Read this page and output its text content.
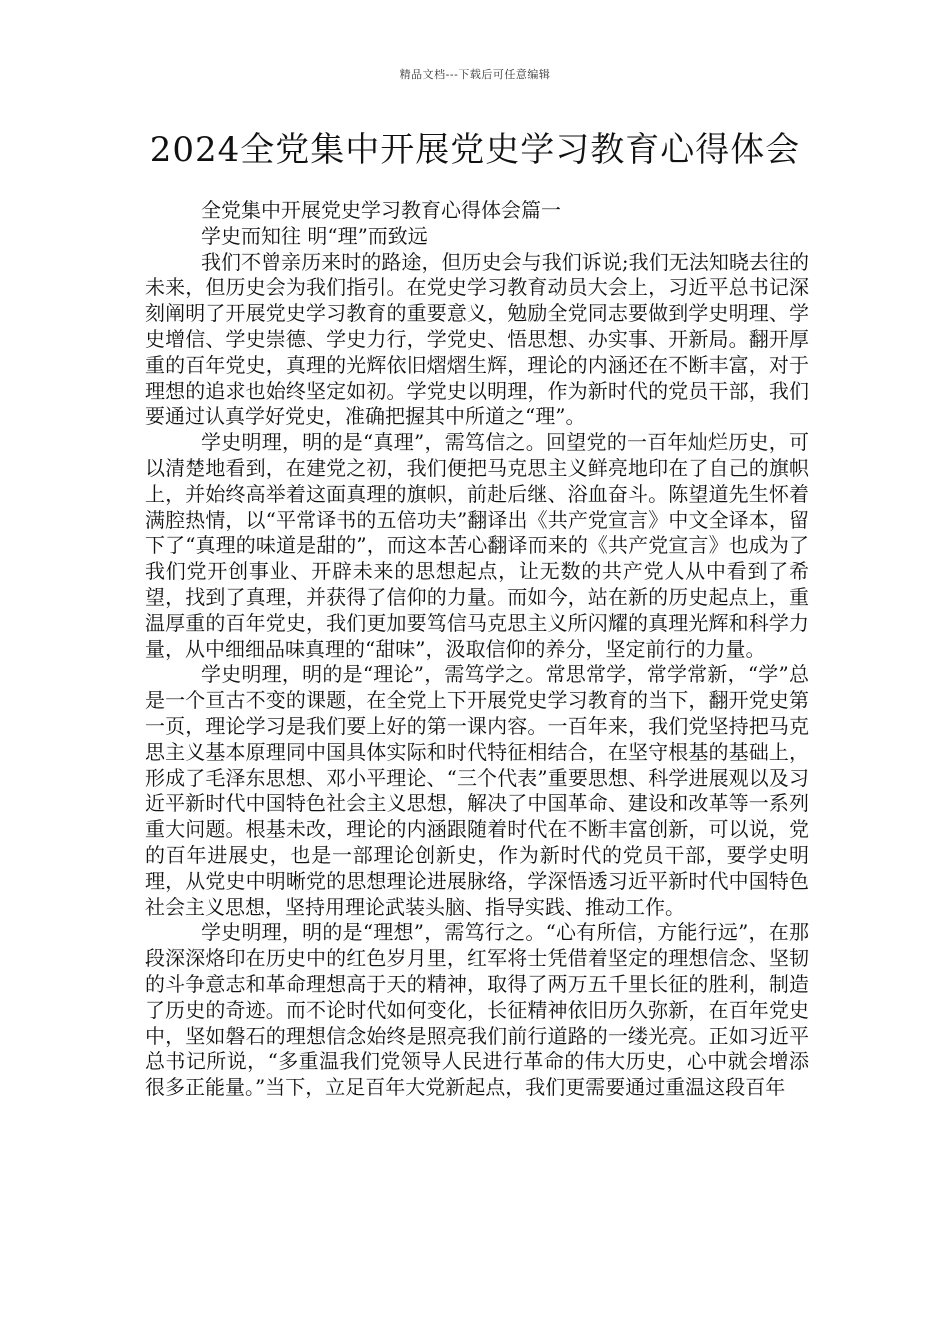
精品文档---下载后可任意编辑
2024全党集中开展党史学习教育心得体会

全党集中开展党史学习教育心得体会篇一

学史而知往 明“理”而致远

我们不曾亲历来时的路途，但历史会与我们诉说;我们无法知晓去往的未来，但历史会为我们指引。在党史学习教育动员大会上，习近平总书记深刻阐明了开展党史学习教育的重要意义，勉励全党同志要做到学史明理、学史增信、学史崇德、学史力行，学党史、悟思想、办实事、开新局。翻开厚重的百年党史，真理的光辉依旧熠熠生辉，理论的内涵还在不断丰富，对于理想的追求也始终坚定如初。学党史以明理，作为新时代的党员干部，我们要通过认真学好党史，准确把握其中所道之“理”。

学史明理，明的是“真理”，需笃信之。回望党的一百年灿烂历史，可以清楚地看到，在建党之初，我们便把马克思主义鲜亮地印在了自己的旗帜上，并始终高举着这面真理的旗帜，前赴后继、浴血奋斗。陈望道先生怀着满腔热情，以“平常译书的五倍功夫”翻译出《共产党宣言》中文全译本，留下了“真理的味道是甜的”，而这本苦心翻译而来的《共产党宣言》也成为了我们党开创事业、开辟未来的思想起点，让无数的共产党人从中看到了希望，找到了真理，并获得了信仰的力量。而如今，站在新的历史起点上，重温厚重的百年党史，我们更加要笃信马克思主义所闪耀的真理光辉和科学力量，从中细细品味真理的“甜味”，汲取信仰的养分，坚定前行的力量。

学史明理，明的是“理论”，需笃学之。常思常学，常学常新，“学”总是一个亘古不变的课题，在全党上下开展党史学习教育的当下，翻开党史第一页，理论学习是我们要上好的第一课内容。一百年来，我们党坚持把马克思主义基本原理同中国具体实际和时代特征相结合，在坚守根基的基础上，形成了毛泽东思想、邓小平理论、“三个代表”重要思想、科学进展观以及习近平新时代中国特色社会主义思想，解决了中国革命、建设和改革等一系列重大问题。根基未改，理论的内涵跟随着时代在不断丰富创新，可以说，党的百年进展史，也是一部理论创新史，作为新时代的党员干部，要学史明理，从党史中明晰党的思想理论进展脉络，学深悟透习近平新时代中国特色社会主义思想，坚持用理论武装头脑、指导实践、推动工作。

学史明理，明的是“理想”，需笃行之。“心有所信，方能行远”，在那段深深烙印在历史中的红色岁月里，红军将士凭借着坚定的理想信念、坚韧的斗争意志和革命理想高于天的精神，取得了两万五千里长征的胜利，制造了历史的奇迹。而不论时代如何变化，长征精神依旧历久弥新，在百年党史中，坚如磐石的理想信念始终是照亮我们前行道路的一缕光亮。正如习近平总书记所说，“多重温我们党领导人民进行革命的伟大历史，心中就会增添很多正能量。”当下，立足百年大党新起点，我们更需要通过重温这段百年
